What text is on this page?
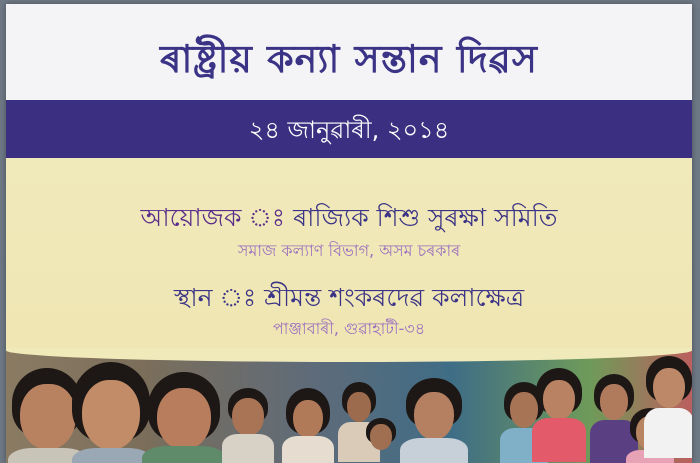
ৰাষ্ট্ৰীয় কন্যা সন্তান দিৱস
২৪ জানুৱাৰী, ২০১৪
আয়োজক ঃ ৰাজ্যিক শিশু সুৰক্ষা সমিতি
সমাজ কল্যাণ বিভাগ, অসম চৰকাৰ
স্থান ঃ শ্ৰীমন্ত শংকৰদেৱ কলাক্ষেত্ৰ
পাঞ্জাবাৰী, গুৱাহাটী-৩৪
